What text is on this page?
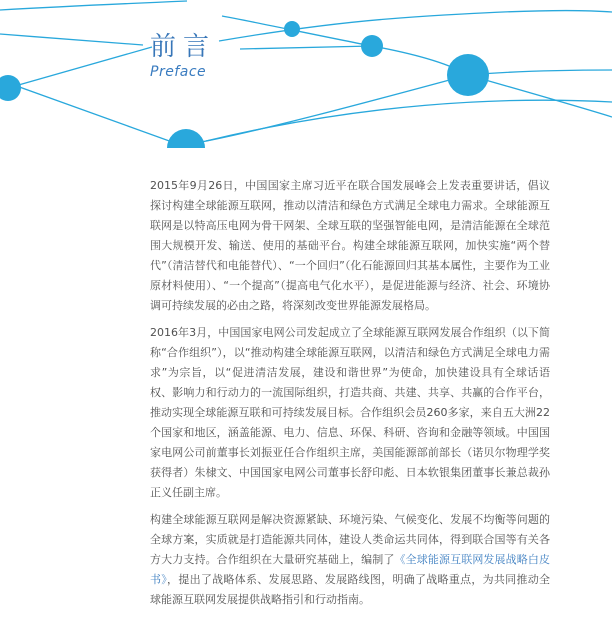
前言
Preface

2015年9月26日，中国国家主席习近平在联合国发展峰会上发表重要讲话，倡议探讨构建全球能源互联网，推动以清洁和绿色方式满足全球电力需求。全球能源互联网是以特高压电网为骨干网架、全球互联的坚强智能电网，是清洁能源在全球范围大规模开发、输送、使用的基础平台。构建全球能源互联网，加快实施“两个替代”（清洁替代和电能替代）、“一个回归”（化石能源回归其基本属性，主要作为工业原材料使用）、“一个提高”（提高电气化水平），是促进能源与经济、社会、环境协调可持续发展的必由之路，将深刻改变世界能源发展格局。

2016年3月，中国国家电网公司发起成立了全球能源互联网发展合作组织（以下简称“合作组织”），以“推动构建全球能源互联网，以清洁和绿色方式满足全球电力需求”为宗旨，以“促进清洁发展，建设和谐世界”为使命，加快建设具有全球话语权、影响力和行动力的一流国际组织，打造共商、共建、共享、共赢的合作平台，推动实现全球能源互联和可持续发展目标。合作组织会员260多家，来自五大洲22个国家和地区，涵盖能源、电力、信息、环保、科研、咨询和金融等领域。中国国家电网公司前董事长刘振亚任合作组织主席，美国能源部前部长（诺贝尔物理学奖获得者）朱棣文、中国国家电网公司董事长舒印彪、日本软银集团董事长兼总裁孙正义任副主席。

构建全球能源互联网是解决资源紧缺、环境污染、气候变化、发展不均衡等问题的全球方案，实质就是打造能源共同体，建设人类命运共同体，得到联合国等有关各方大力支持。合作组织在大量研究基础上，编制了《全球能源互联网发展战略白皮书》，提出了战略体系、发展思路、发展路线图，明确了战略重点，为共同推动全球能源互联网发展提供战略指引和行动指南。
